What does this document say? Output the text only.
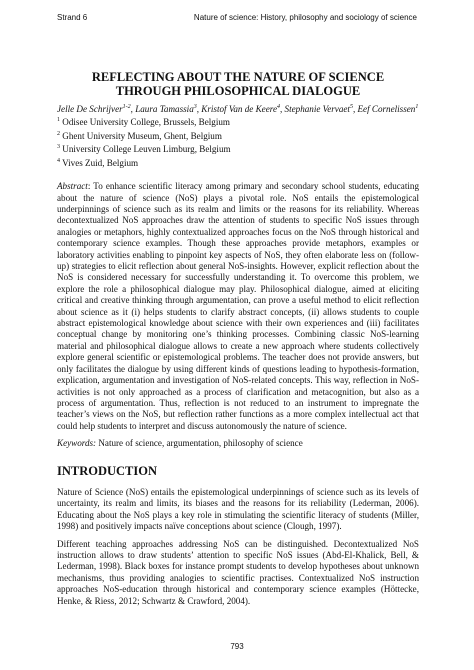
Strand 6	Nature of science: History, philosophy and sociology of science
REFLECTING ABOUT THE NATURE OF SCIENCE
THROUGH PHILOSOPHICAL DIALOGUE

Jelle De Schrijver$^{1-2}$, Laura Tamassia$^3$, Kristof Van de Keere$^4$, Stephanie Vervaet$^5$, Eef Cornelissen$^1$

$^1$ Odisee University College, Brussels, Belgium
$^2$ Ghent University Museum, Ghent, Belgium
$^3$ University College Leuven Limburg, Belgium
$^4$ Vives Zuid, Belgium

Abstract: To enhance scientific literacy among primary and secondary school students, educating about the nature of science (NoS) plays a pivotal role. NoS entails the epistemological underpinnings of science such as its realm and limits or the reasons for its reliability. Whereas decontextualized NoS approaches draw the attention of students to specific NoS issues through analogies or metaphors, highly contextualized approaches focus on the NoS through historical and contemporary science examples. Though these approaches provide metaphors, examples or laboratory activities enabling to pinpoint key aspects of NoS, they often elaborate less on (follow-up) strategies to elicit reflection about general NoS-insights. However, explicit reflection about the NoS is considered necessary for successfully understanding it. To overcome this problem, we explore the role a philosophical dialogue may play. Philosophical dialogue, aimed at eliciting critical and creative thinking through argumentation, can prove a useful method to elicit reflection about science as it (i) helps students to clarify abstract concepts, (ii) allows students to couple abstract epistemological knowledge about science with their own experiences and (iii) facilitates conceptual change by monitoring one’s thinking processes. Combining classic NoS-learning material and philosophical dialogue allows to create a new approach where students collectively explore general scientific or epistemological problems. The teacher does not provide answers, but only facilitates the dialogue by using different kinds of questions leading to hypothesis-formation, explication, argumentation and investigation of NoS-related concepts. This way, reflection in NoS-activities is not only approached as a process of clarification and metacognition, but also as a process of argumentation. Thus, reflection is not reduced to an instrument to impregnate the teacher’s views on the NoS, but reflection rather functions as a more complex intellectual act that could help students to interpret and discuss autonomously the nature of science.

Keywords: Nature of science, argumentation, philosophy of science

INTRODUCTION

Nature of Science (NoS) entails the epistemological underpinnings of science such as its levels of uncertainty, its realm and limits, its biases and the reasons for its reliability (Lederman, 2006). Educating about the NoS plays a key role in stimulating the scientific literacy of students (Miller, 1998) and positively impacts naïve conceptions about science (Clough, 1997).

Different teaching approaches addressing NoS can be distinguished. Decontextualized NoS instruction allows to draw students’ attention to specific NoS issues (Abd-El-Khalick, Bell, & Lederman, 1998). Black boxes for instance prompt students to develop hypotheses about unknown mechanisms, thus providing analogies to scientific practises. Contextualized NoS instruction approaches NoS-education through historical and contemporary science examples (Höttecke, Henke, & Riess, 2012; Schwartz & Crawford, 2004).

793
